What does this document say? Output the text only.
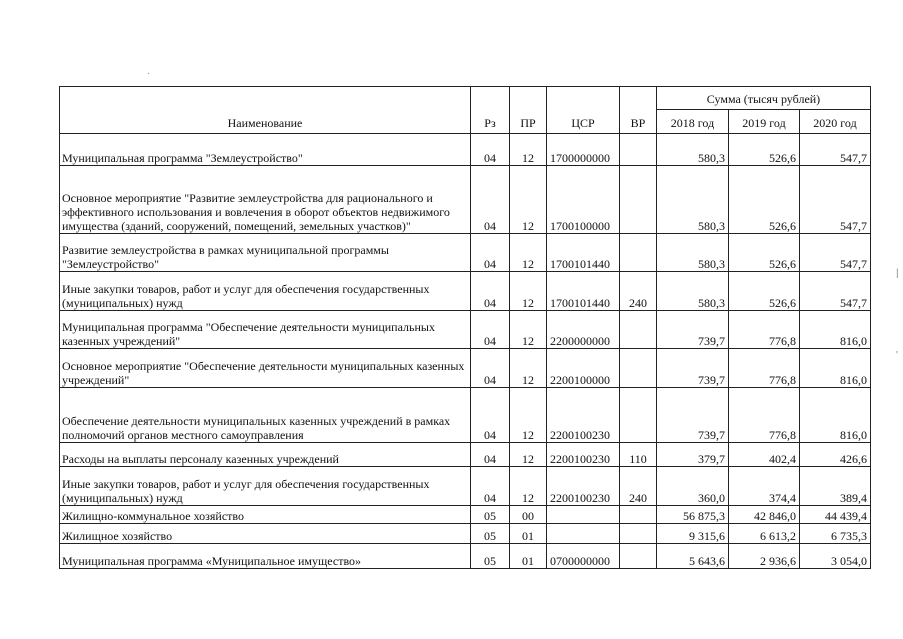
Наименование	Рз	ПР	ЦСР	ВР	Сумма (тысяч рублей)		
					2018 год	2019 год	2020 год
Муниципальная программа "Землеустройство"	04	12	1700000000		580,3	526,6	547,7
Основное мероприятие "Развитие землеустройства для рационального и эффективного использования и вовлечения в оборот объектов недвижимого имущества (зданий, сооружений, помещений, земельных участков)"	04	12	1700100000		580,3	526,6	547,7
Развитие землеустройства в рамках муниципальной программы "Землеустройство"	04	12	1700101440		580,3	526,6	547,7
Иные закупки товаров, работ и услуг для обеспечения государственных (муниципальных) нужд	04	12	1700101440	240	580,3	526,6	547,7
Муниципальная программа "Обеспечение деятельности муниципальных казенных учреждений"	04	12	2200000000		739,7	776,8	816,0
Основное мероприятие "Обеспечение деятельности муниципальных казенных учреждений"	04	12	2200100000		739,7	776,8	816,0
Обеспечение деятельности муниципальных казенных учреждений в рамках полномочий органов местного самоуправления	04	12	2200100230		739,7	776,8	816,0
Расходы на выплаты персоналу казенных учреждений	04	12	2200100230	110	379,7	402,4	426,6
Иные закупки товаров, работ и услуг для обеспечения государственных (муниципальных) нужд	04	12	2200100230	240	360,0	374,4	389,4
Жилищно-коммунальное хозяйство	05	00			56 875,3	42 846,0	44 439,4
Жилищное хозяйство	05	01			9 315,6	6 613,2	6 735,3
Муниципальная программа «Муниципальное имущество»	05	01	0700000000		5 643,6	2 936,6	3 054,0
·
|
'
